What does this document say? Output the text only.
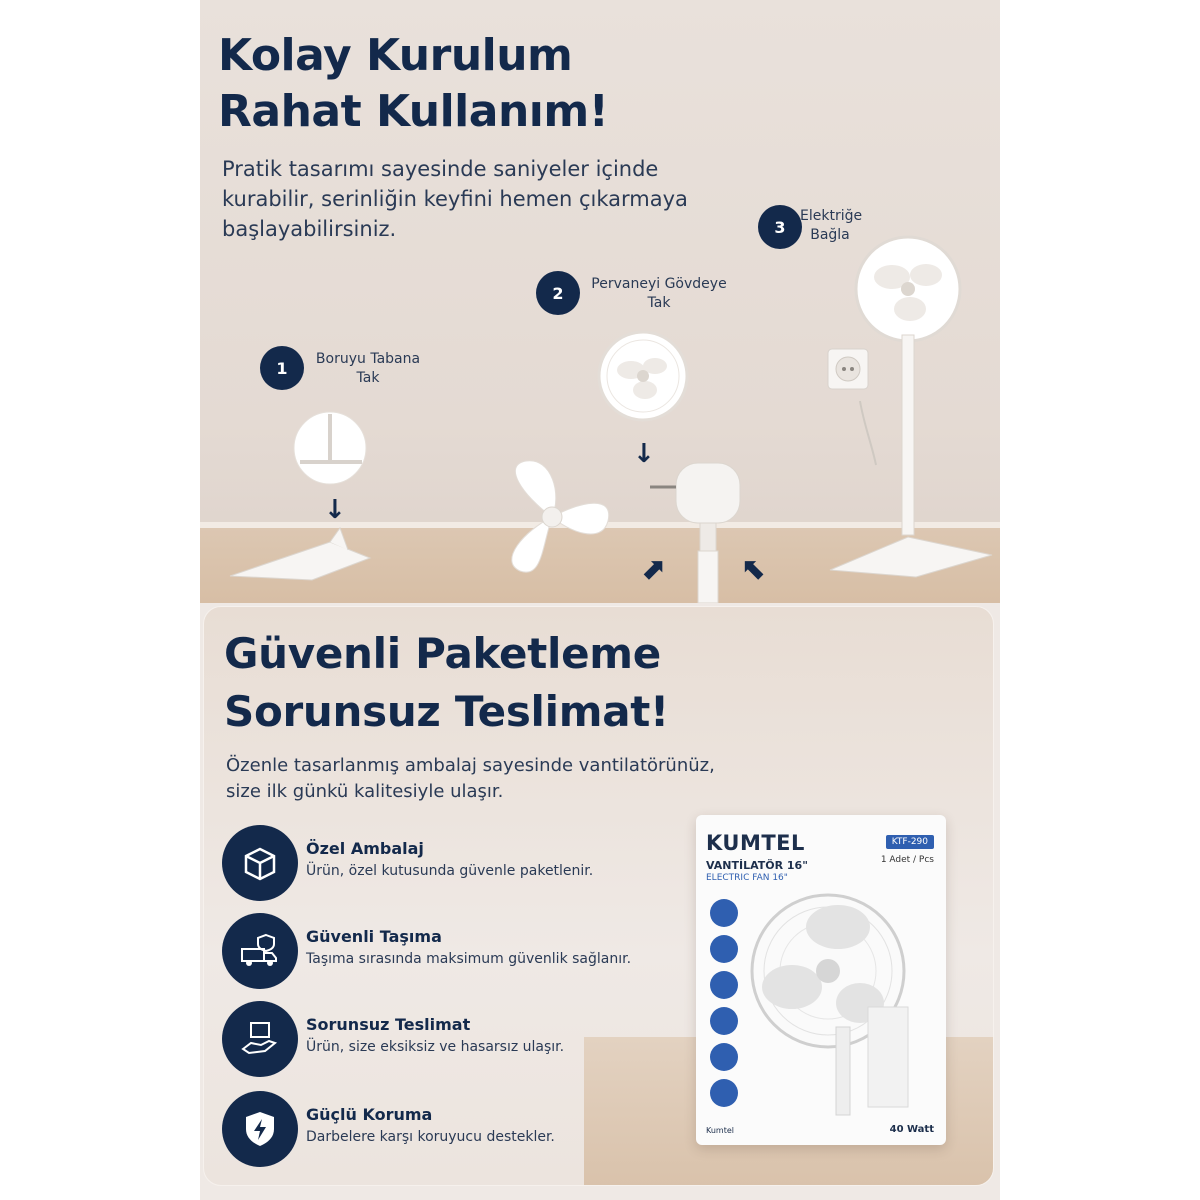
Kolay Kurulum
Rahat Kullanım!

Pratik tasarımı sayesinde saniyeler içinde kurabilir, serinliğin keyfini hemen çıkarmaya başlayabilirsiniz.

1	Boruyu Tabana
Tak
2	Pervaneyi Gövdeye
Tak
3
Elektriğe
Bağla
↓
↓
⬈	⬉
Güvenli Paketleme
Sorunsuz Teslimat!

Özenle tasarlanmış ambalaj sayesinde vantilatörünüz, size ilk günkü kalitesiyle ulaşır.

Özel Ambalaj
Ürün, özel kutusunda güvenle paketlenir.
Güvenli Taşıma
Taşıma sırasında maksimum güvenlik sağlanır.
Sorunsuz Teslimat
Ürün, size eksiksiz ve hasarsız ulaşır.
Güçlü Koruma
Darbelere karşı koruyucu destekler.
KUMTEL	KTF-290
1 Adet / Pcs
VANTİLATÖR 16"
ELECTRIC FAN 16"
Kumtel	40 Watt
